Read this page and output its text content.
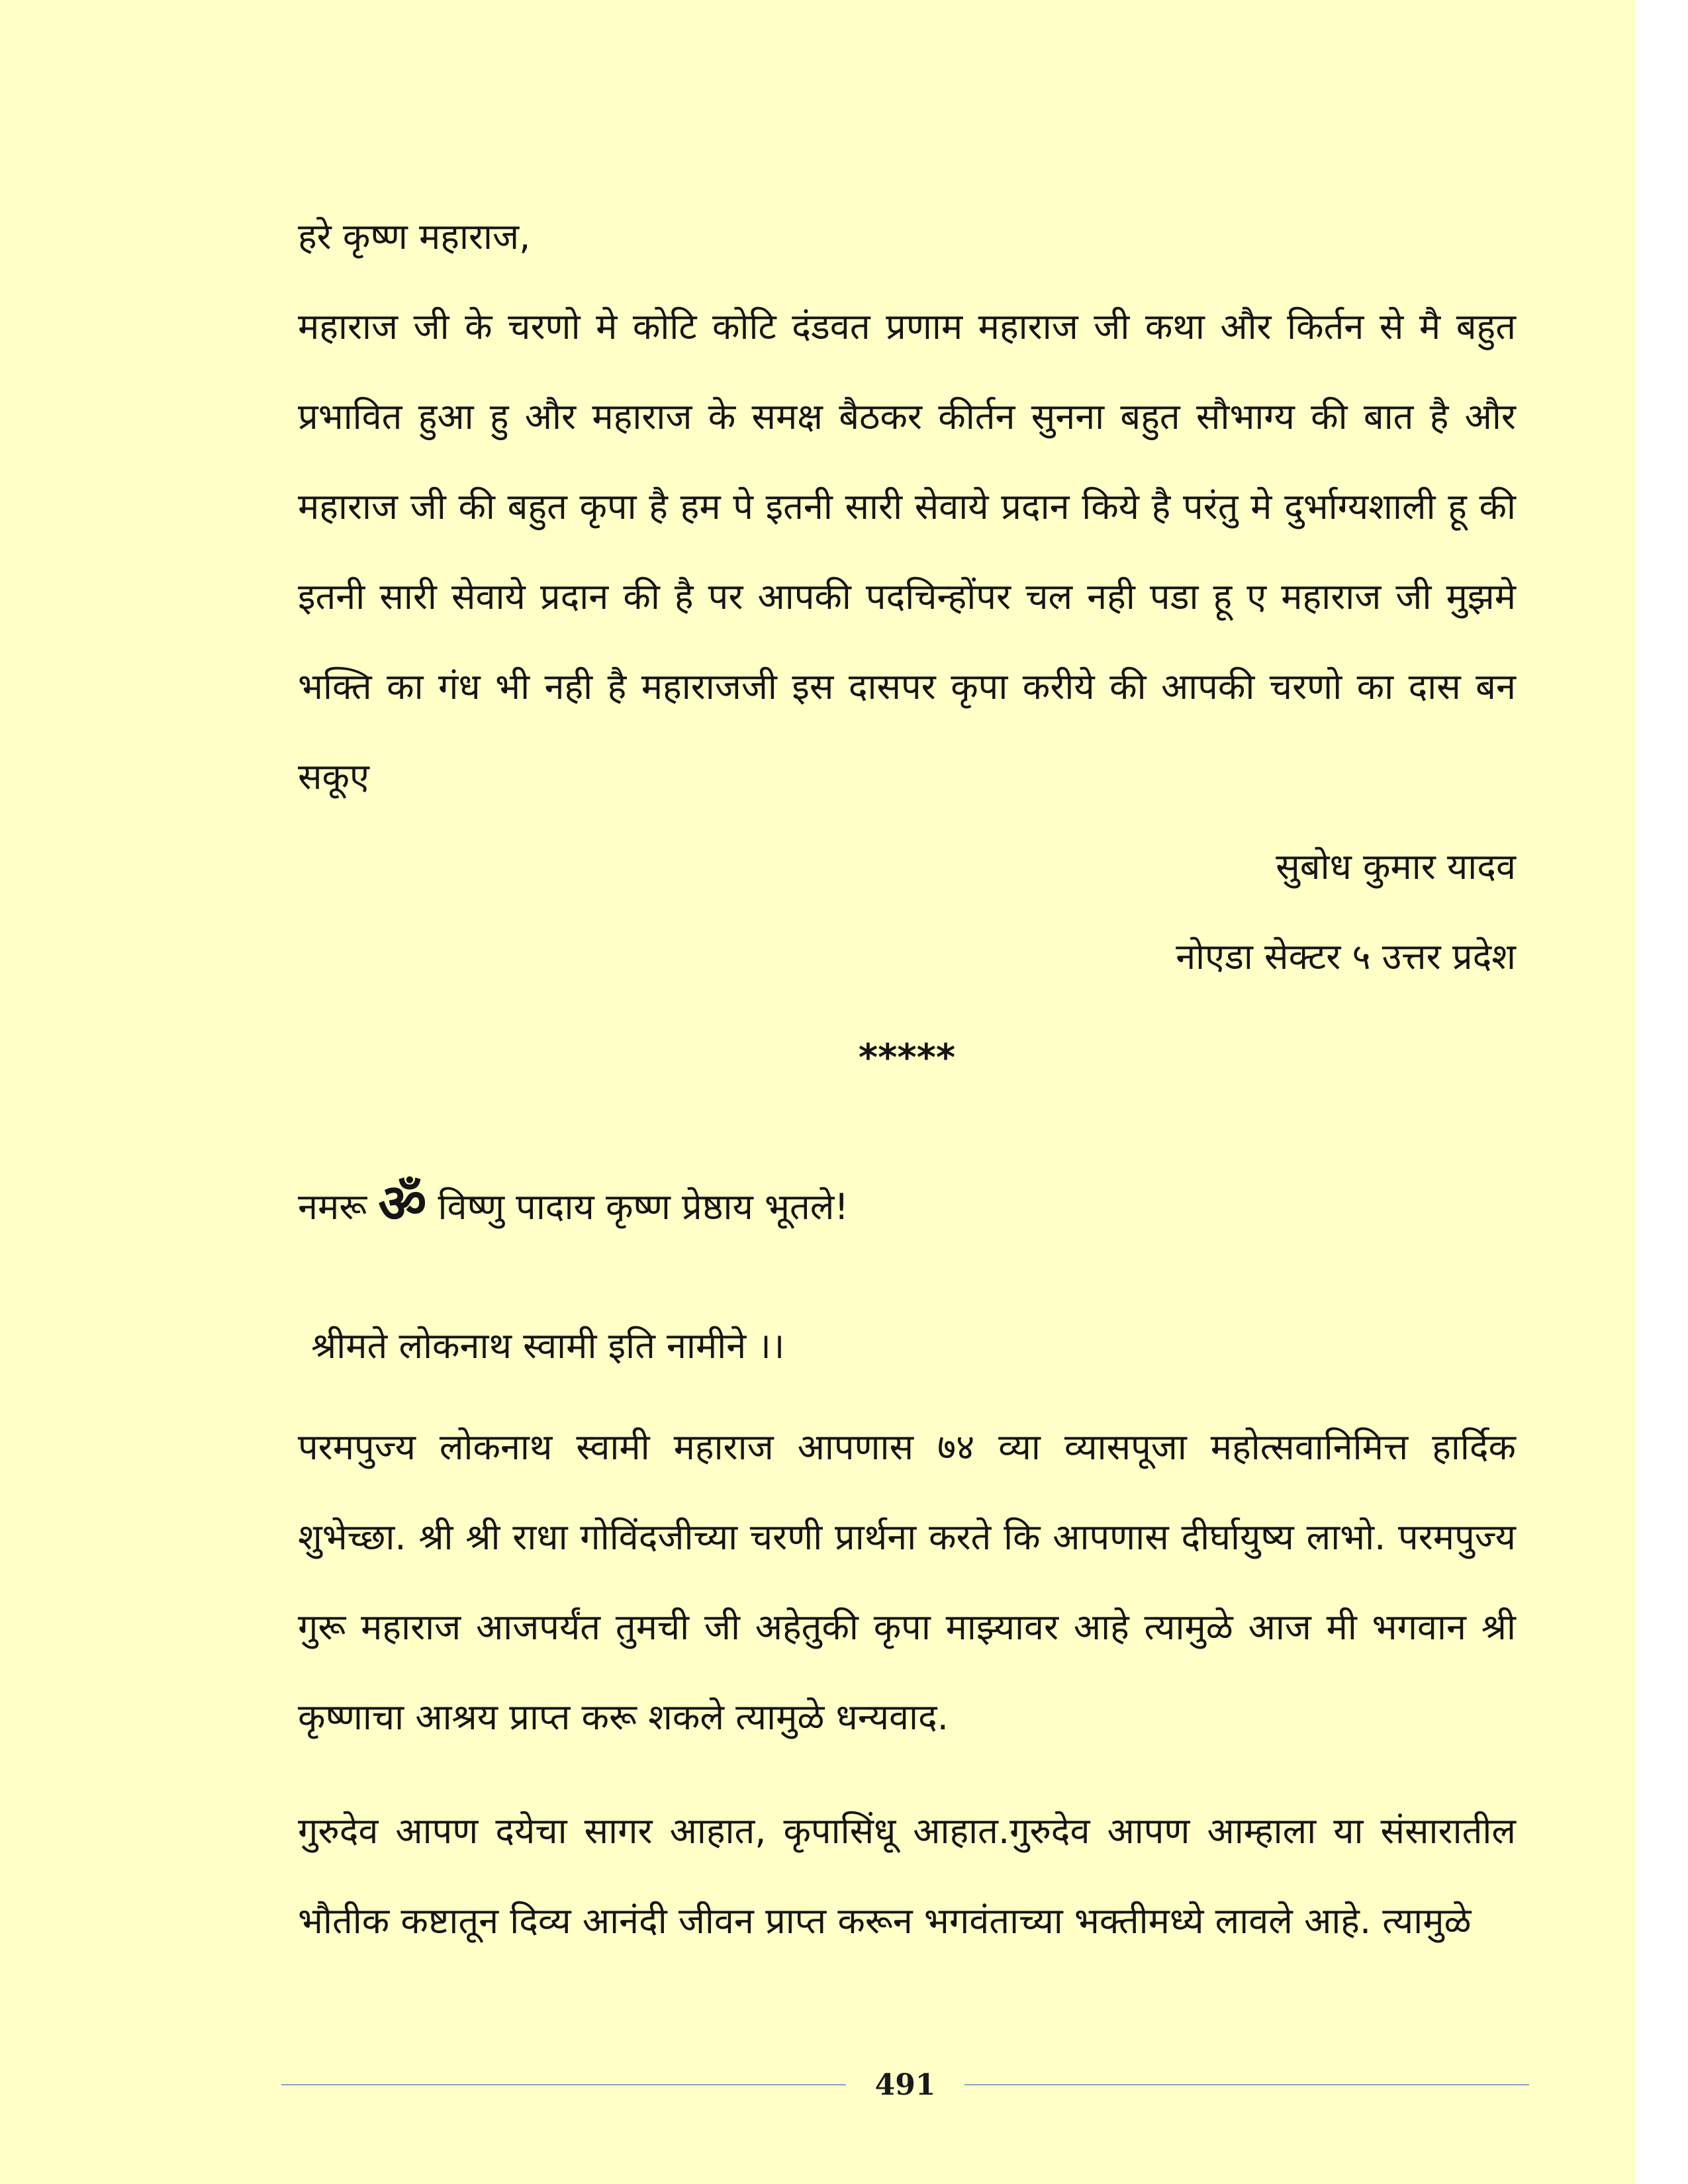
हरे कृष्ण महाराज,

महाराज जी के चरणो मे कोटि कोटि दंडवत प्रणाम महाराज जी कथा और किर्तन से मै बहुत प्रभावित हुआ हु और महाराज के समक्ष बैठकर कीर्तन सुनना बहुत सौभाग्य की बात है और महाराज जी की बहुत कृपा है हम पे इतनी सारी सेवाये प्रदान किये है परंतु मे दुर्भाग्यशाली हू की इतनी सारी सेवाये प्रदान की है पर आपकी पदचिन्होंपर चल नही पडा हू ए महाराज जी मुझमे भक्ति का गंध भी नही है महाराजजी इस दासपर कृपा करीये की आपकी चरणो का दास बन सकूए

सुबोध कुमार यादव

नोएडा सेक्टर ५ उत्तर प्रदेश

*****

नमरू ॐ विष्णु पादाय कृष्ण प्रेष्ठाय भूतले!

श्रीमते लोकनाथ स्वामी इति नामीने ।।

परमपुज्य लोकनाथ स्वामी महाराज आपणास ७४ व्या व्यासपूजा महोत्सवानिमित्त हार्दिक शुभेच्छा. श्री श्री राधा गोविंदजीच्या चरणी प्रार्थना करते कि आपणास दीर्घायुष्य लाभो. परमपुज्य गुरू महाराज आजपर्यंत तुमची जी अहेतुकी कृपा माझ्यावर आहे त्यामुळे आज मी भगवान श्री कृष्णाचा आश्रय प्राप्त करू शकले त्यामुळे धन्यवाद.

गुरुदेव आपण दयेचा सागर आहात, कृपासिंधू आहात.गुरुदेव आपण आम्हाला या संसारातील भौतीक कष्टातून दिव्य आनंदी जीवन प्राप्त करून भगवंताच्या भक्तीमध्ये लावले आहे. त्यामुळे

491
